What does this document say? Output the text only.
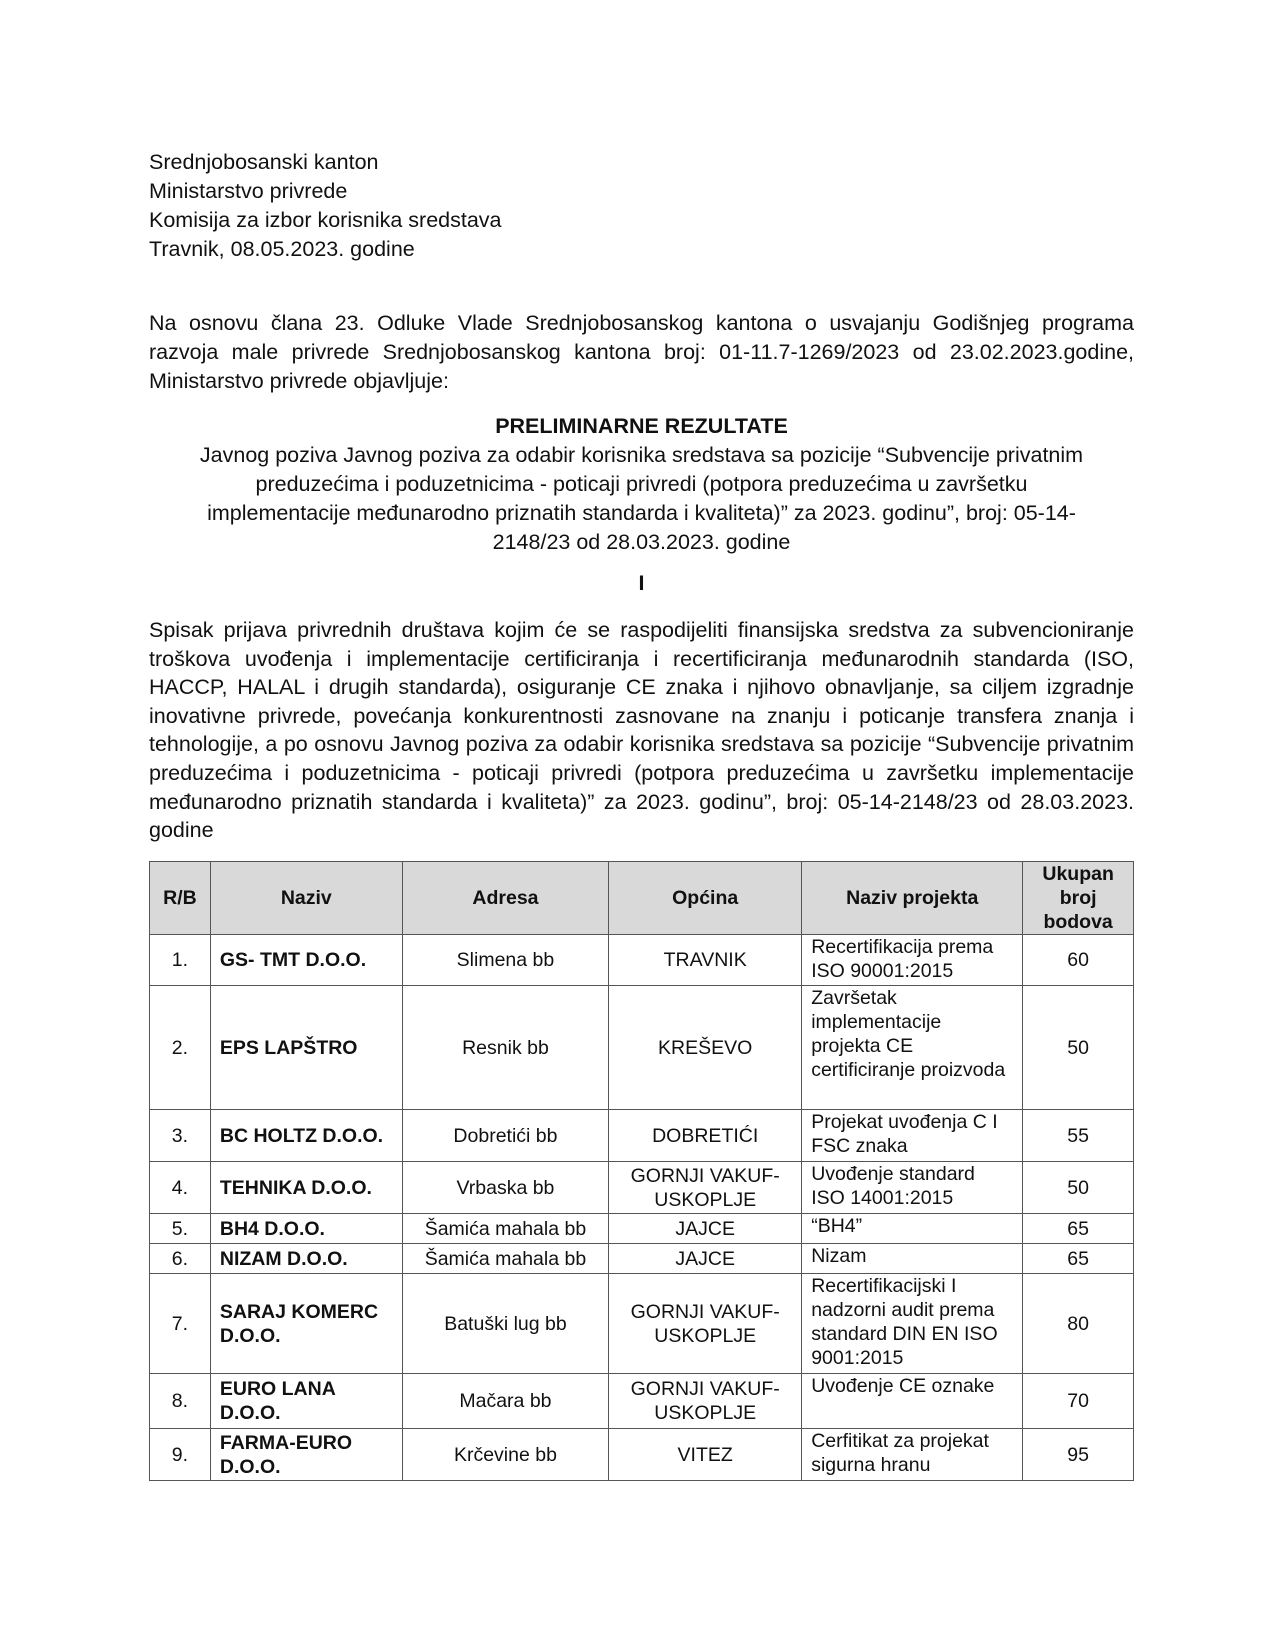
Srednjobosanski kanton
Ministarstvo privrede
Komisija za izbor korisnika sredstava
Travnik, 08.05.2023. godine
Na osnovu člana 23. Odluke Vlade Srednjobosanskog kantona o usvajanju Godišnjeg programa razvoja male privrede Srednjobosanskog kantona broj: 01-11.7-1269/2023 od 23.02.2023.godine, Ministarstvo privrede objavljuje:
PRELIMINARNE REZULTATE
Javnog poziva Javnog poziva za odabir korisnika sredstava sa pozicije “Subvencije privatnim
preduzećima i poduzetnicima - poticaji privredi (potpora preduzećima u završetku
implementacije međunarodno priznatih standarda i kvaliteta)” za 2023. godinu”, broj: 05-14-
2148/23 od 28.03.2023. godine
I
Spisak prijava privrednih društava kojim će se raspodijeliti finansijska sredstva za subvencioniranje troškova uvođenja i implementacije certificiranja i recertificiranja međunarodnih standarda (ISO, HACCP, HALAL i drugih standarda), osiguranje CE znaka i njihovo obnavljanje, sa ciljem izgradnje inovativne privrede, povećanja konkurentnosti zasnovane na znanju i poticanje transfera znanja i tehnologije, a po osnovu Javnog poziva za odabir korisnika sredstava sa pozicije “Subvencije privatnim preduzećima i poduzetnicima - poticaji privredi (potpora preduzećima u završetku implementacije međunarodno priznatih standarda i kvaliteta)” za 2023. godinu”, broj: 05-14-2148/23 od 28.03.2023. godine
R/B	Naziv	Adresa	Općina	Naziv projekta	Ukupan broj bodova
1.	GS- TMT D.O.O.	Slimena bb	TRAVNIK	Recertifikacija prema ISO 90001:2015	60
2.	EPS LAPŠTRO	Resnik bb	KREŠEVO	Završetak implementacije projekta CE certificiranje proizvoda	50
3.	BC HOLTZ D.O.O.	Dobretići bb	DOBRETIĆI	Projekat uvođenja C I FSC znaka	55
4.	TEHNIKA D.O.O.	Vrbaska bb	GORNJI VAKUF-USKOPLJE	Uvođenje standard ISO 14001:2015	50
5.	BH4 D.O.O.	Šamića mahala bb	JAJCE	“BH4”	65
6.	NIZAM D.O.O.	Šamića mahala bb	JAJCE	Nizam	65
7.	SARAJ KOMERC D.O.O.	Batuški lug bb	GORNJI VAKUF-USKOPLJE	Recertifikacijski I nadzorni audit prema standard DIN EN ISO 9001:2015	80
8.	EURO LANA D.O.O.	Mačara bb	GORNJI VAKUF-USKOPLJE	Uvođenje CE oznake	70
9.	FARMA-EURO D.O.O.	Krčevine bb	VITEZ	Cerfitikat za projekat sigurna hranu	95
